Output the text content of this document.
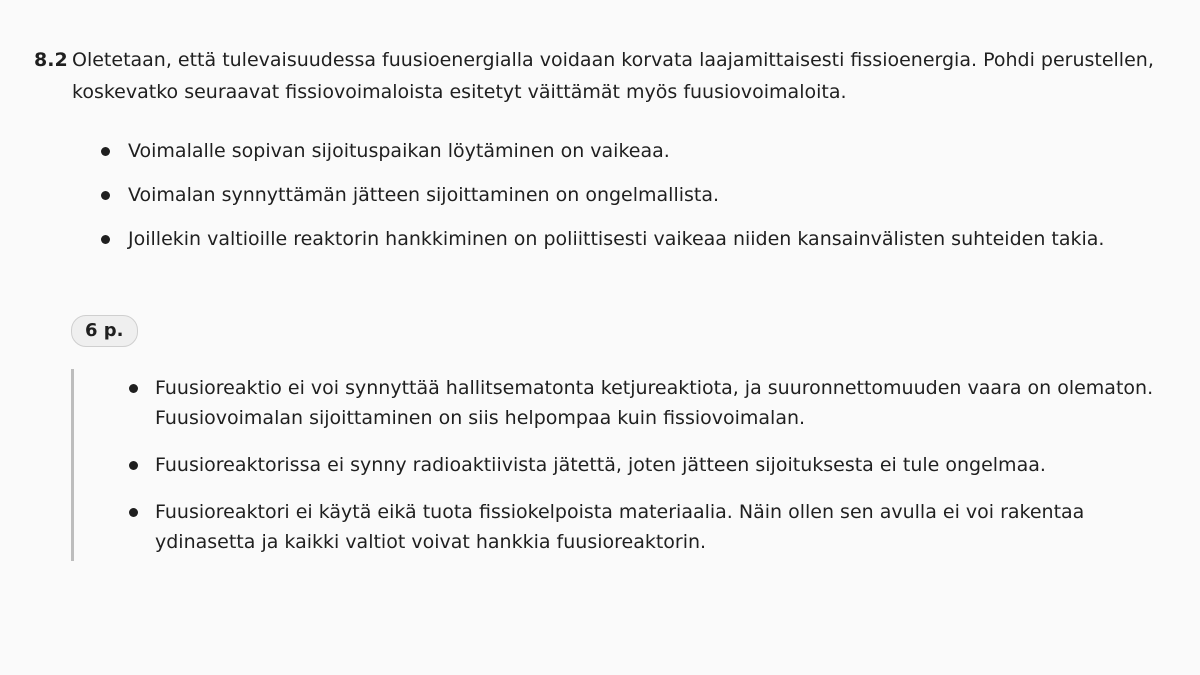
8.2 Oletetaan, että tulevaisuudessa fuusioenergialla voidaan korvata laajamittaisesti fissioenergia. Pohdi perustellen, koskevatko seuraavat fissiovoimaloista esitetyt väittämät myös fuusiovoimaloita.
Voimalalle sopivan sijoituspaikan löytäminen on vaikeaa.
Voimalan synnyttämän jätteen sijoittaminen on ongelmallista.
Joillekin valtioille reaktorin hankkiminen on poliittisesti vaikeaa niiden kansainvälisten suhteiden takia.
6 p.
Fuusioreaktio ei voi synnyttää hallitsematonta ketjureaktiota, ja suuronnettomuuden vaara on olematon. Fuusiovoimalan sijoittaminen on siis helpompaa kuin fissiovoimalan.
Fuusioreaktorissa ei synny radioaktiivista jätettä, joten jätteen sijoituksesta ei tule ongelmaa.
Fuusioreaktori ei käytä eikä tuota fissiokelpoista materiaalia. Näin ollen sen avulla ei voi rakentaa ydinasetta ja kaikki valtiot voivat hankkia fuusioreaktorin.
